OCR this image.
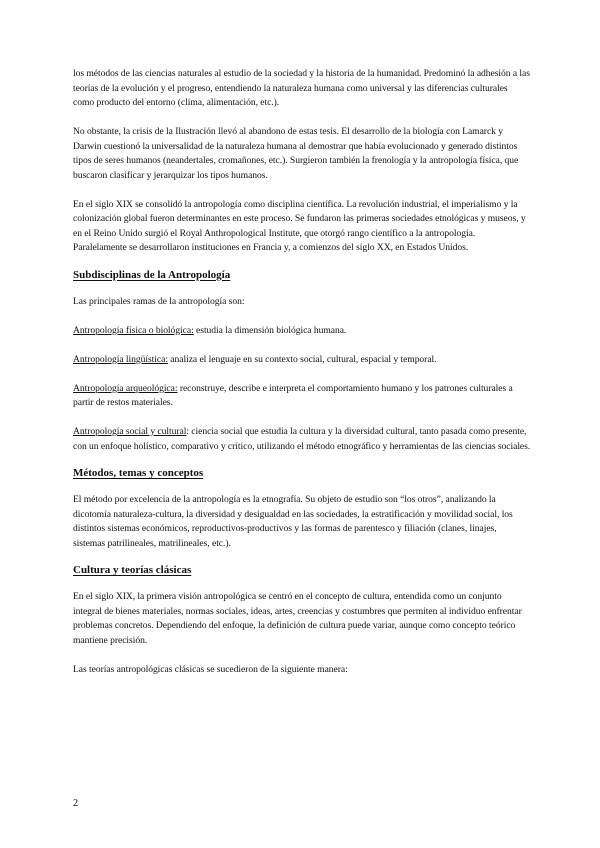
los métodos de las ciencias naturales al estudio de la sociedad y la historia de la humanidad. Predominó la adhesión a las teorías de la evolución y el progreso, entendiendo la naturaleza humana como universal y las diferencias culturales como producto del entorno (clima, alimentación, etc.).

No obstante, la crisis de la Ilustración llevó al abandono de estas tesis. El desarrollo de la biología con Lamarck y Darwin cuestionó la universalidad de la naturaleza humana al demostrar que había evolucionado y generado distintos tipos de seres humanos (neandertales, cromañones, etc.). Surgieron también la frenología y la antropología física, que buscaron clasificar y jerarquizar los tipos humanos.

En el siglo XIX se consolidó la antropología como disciplina científica. La revolución industrial, el imperialismo y la colonización global fueron determinantes en este proceso. Se fundaron las primeras sociedades etnológicas y museos, y en el Reino Unido surgió el Royal Anthropological Institute, que otorgó rango científico a la antropología. Paralelamente se desarrollaron instituciones en Francia y, a comienzos del siglo XX, en Estados Unidos.

Subdisciplinas de la Antropología

Las principales ramas de la antropología son:

Antropología física o biológica: estudia la dimensión biológica humana.

Antropología lingüística: analiza el lenguaje en su contexto social, cultural, espacial y temporal.

Antropología arqueológica: reconstruye, describe e interpreta el comportamiento humano y los patrones culturales a partir de restos materiales.

Antropología social y cultural: ciencia social que estudia la cultura y la diversidad cultural, tanto pasada como presente, con un enfoque holístico, comparativo y crítico, utilizando el método etnográfico y herramientas de las ciencias sociales.

Métodos, temas y conceptos

El método por excelencia de la antropología es la etnografía. Su objeto de estudio son “los otros”, analizando la dicotomía naturaleza-cultura, la diversidad y desigualdad en las sociedades, la estratificación y movilidad social, los distintos sistemas económicos, reproductivos-productivos y las formas de parentesco y filiación (clanes, linajes, sistemas patrilineales, matrilineales, etc.).

Cultura y teorías clásicas

En el siglo XIX, la primera visión antropológica se centró en el concepto de cultura, entendida como un conjunto integral de bienes materiales, normas sociales, ideas, artes, creencias y costumbres que permiten al individuo enfrentar problemas concretos. Dependiendo del enfoque, la definición de cultura puede variar, aunque como concepto teórico mantiene precisión.

Las teorías antropológicas clásicas se sucedieron de la siguiente manera:

2
